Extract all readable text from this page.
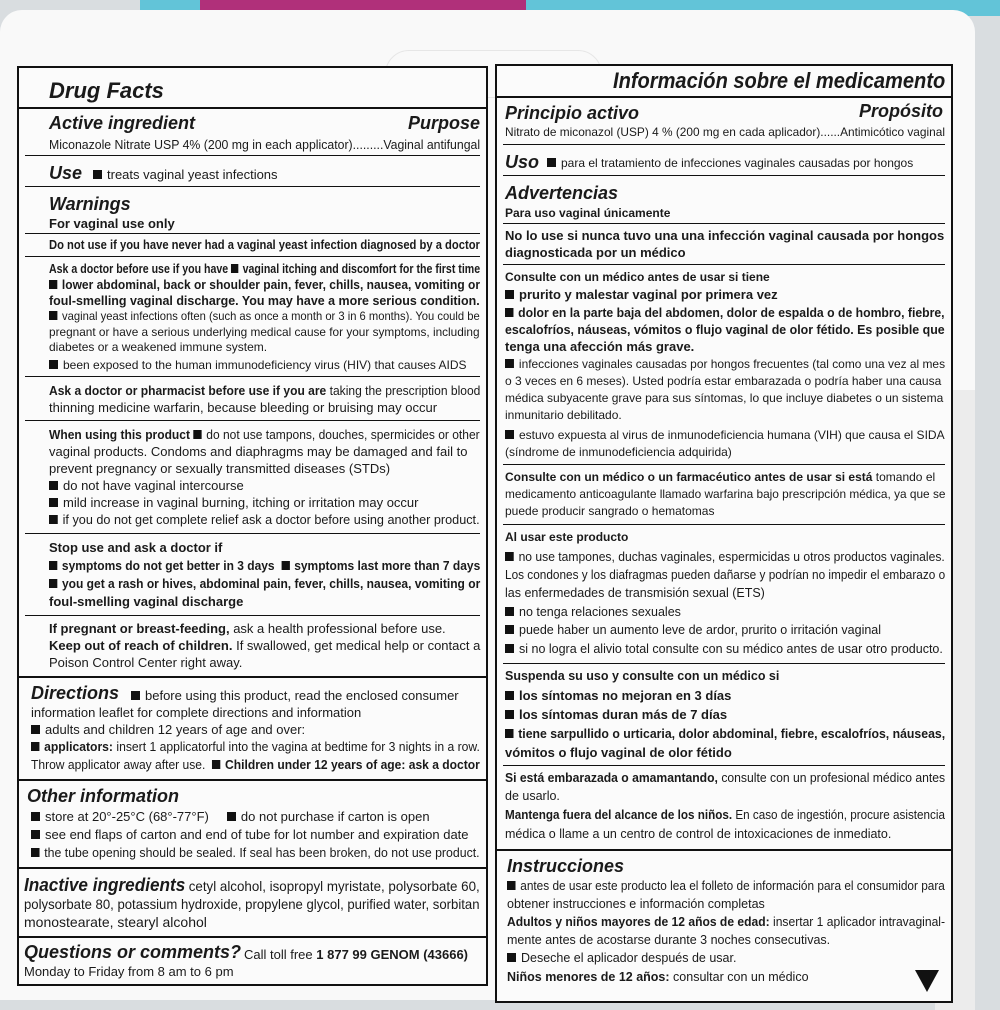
Drug Facts
Active ingredient	Purpose
Miconazole Nitrate USP 4% (200 mg in each applicator).........Vaginal antifungal
Use	treats vaginal yeast infections
Warnings
For vaginal use only
Do not use if you have never had a vaginal yeast infection diagnosed by a doctor
Ask a doctor before use if you have vaginal itching and discomfort for the first time
lower abdominal, back or shoulder pain, fever, chills, nausea, vomiting or
foul-smelling vaginal discharge. You may have a more serious condition.
vaginal yeast infections often (such as once a month or 3 in 6 months). You could be
pregnant or have a serious underlying medical cause for your symptoms, including
diabetes or a weakened immune system.
been exposed to the human immunodeficiency virus (HIV) that causes AIDS
Ask a doctor or pharmacist before use if you are taking the prescription blood
thinning medicine warfarin, because bleeding or bruising may occur
When using this product do not use tampons, douches, spermicides or other
vaginal products. Condoms and diaphragms may be damaged and fail to
prevent pregnancy or sexually transmitted diseases (STDs)
do not have vaginal intercourse
mild increase in vaginal burning, itching or irritation may occur
if you do not get complete relief ask a doctor before using another product.
Stop use and ask a doctor if
symptoms do not get better in 3 days symptoms last more than 7 days
you get a rash or hives, abdominal pain, fever, chills, nausea, vomiting or
foul-smelling vaginal discharge
If pregnant or breast-feeding, ask a health professional before use.
Keep out of reach of children. If swallowed, get medical help or contact a
Poison Control Center right away.
Directions	before using this product, read the enclosed consumer
information leaflet for complete directions and information
adults and children 12 years of age and over:
applicators: insert 1 applicatorful into the vagina at bedtime for 3 nights in a row.
Throw applicator away after use. Children under 12 years of age: ask a doctor
Other information
store at 20°-25°C (68°-77°F) do not purchase if carton is open
see end flaps of carton and end of tube for lot number and expiration date
the tube opening should be sealed. If seal has been broken, do not use product.
Inactive ingredients cetyl alcohol, isopropyl myristate, polysorbate 60,
polysorbate 80, potassium hydroxide, propylene glycol, purified water, sorbitan
monostearate, stearyl alcohol
Questions or comments? Call toll free 1 877 99 GENOM (43666)
Monday to Friday from 8 am to 6 pm
Información sobre el medicamento
Principio activo	Propósito
Nitrato de miconazol (USP) 4 % (200 mg en cada aplicador)......Antimicótico vaginal
Uso	para el tratamiento de infecciones vaginales causadas por hongos
Advertencias
Para uso vaginal únicamente
No lo use si nunca tuvo una una infección vaginal causada por hongos
diagnosticada por un médico
Consulte con un médico antes de usar si tiene
prurito y malestar vaginal por primera vez
dolor en la parte baja del abdomen, dolor de espalda o de hombro, fiebre,
escalofríos, náuseas, vómitos o flujo vaginal de olor fétido. Es posible que
tenga una afección más grave.
infecciones vaginales causadas por hongos frecuentes (tal como una vez al mes
o 3 veces en 6 meses). Usted podría estar embarazada o podría haber una causa
médica subyacente grave para sus síntomas, lo que incluye diabetes o un sistema
inmunitario debilitado.
estuvo expuesta al virus de inmunodeficiencia humana (VIH) que causa el SIDA
(síndrome de inmunodeficiencia adquirida)
Consulte con un médico o un farmacéutico antes de usar si está tomando el
medicamento anticoagulante llamado warfarina bajo prescripción médica, ya que se
puede producir sangrado o hematomas
Al usar este producto
no use tampones, duchas vaginales, espermicidas u otros productos vaginales.
Los condones y los diafragmas pueden dañarse y podrían no impedir el embarazo o
las enfermedades de transmisión sexual (ETS)
no tenga relaciones sexuales
puede haber un aumento leve de ardor, prurito o irritación vaginal
si no logra el alivio total consulte con su médico antes de usar otro producto.
Suspenda su uso y consulte con un médico si
los síntomas no mejoran en 3 días
los síntomas duran más de 7 días
tiene sarpullido o urticaria, dolor abdominal, fiebre, escalofríos, náuseas,
vómitos o flujo vaginal de olor fétido
Si está embarazada o amamantando, consulte con un profesional médico antes
de usarlo.
Mantenga fuera del alcance de los niños. En caso de ingestión, procure asistencia
médica o llame a un centro de control de intoxicaciones de inmediato.
Instrucciones
antes de usar este producto lea el folleto de información para el consumidor para
obtener instrucciones e información completas
Adultos y niños mayores de 12 años de edad: insertar 1 aplicador intravaginal-
mente antes de acostarse durante 3 noches consecutivas.
Deseche el aplicador después de usar.
Niños menores de 12 años: consultar con un médico
